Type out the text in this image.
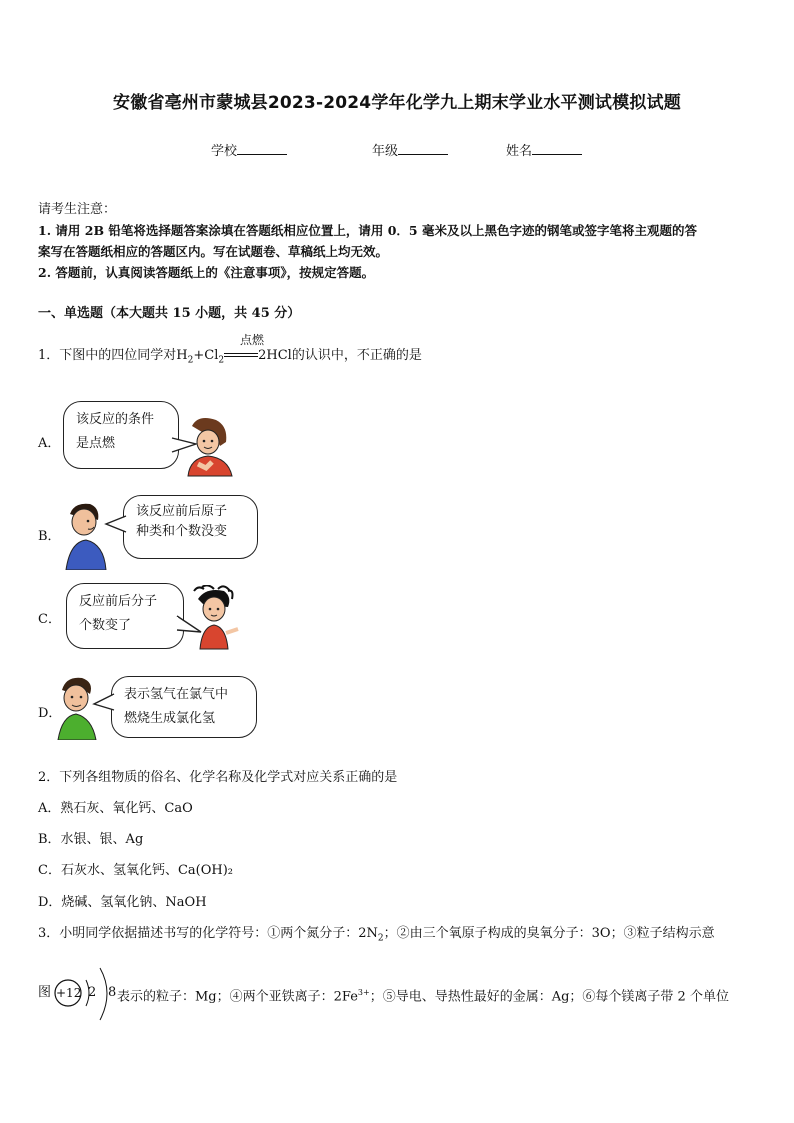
安徽省亳州市蒙城县2023-2024学年化学九上期末学业水平测试模拟试题
学校	年级	姓名
请考生注意：
1. 请用 2B 铅笔将选择题答案涂填在答题纸相应位置上，请用 0．5 毫米及以上黑色字迹的钢笔或签字笔将主观题的答
案写在答题纸相应的答题区内。写在试题卷、草稿纸上均无效。
2. 答题前，认真阅读答题纸上的《注意事项》，按规定答题。
一、单选题（本大题共 15 小题，共 45 分）
1．下图中的四位同学对$H_2+Cl_2$	2HCl的认识中，不正确的是
点燃
A．
该反应的条件
是点燃
B．
该反应前后原子
种类和个数没变
C．
反应前后分子
个数变了
D．
表示氢气在氯气中
燃烧生成氯化氢
2．下列各组物质的俗名、化学名称及化学式对应关系正确的是
A．熟石灰、氧化钙、CaO
B．水银、银、Ag
C．石灰水、氢氧化钙、Ca(OH)₂
D．烧碱、氢氧化钠、NaOH
3．小明同学依据描述书写的化学符号：①两个氮分子：$2N_2$；②由三个氧原子构成的臭氧分子：3O；③粒子结构示意
图 +12 2 8 表示的粒子：Mg；④两个亚铁离子：$2Fe^{3+}$；⑤导电、导热性最好的金属：Ag；⑥每个镁离子带 2 个单位
